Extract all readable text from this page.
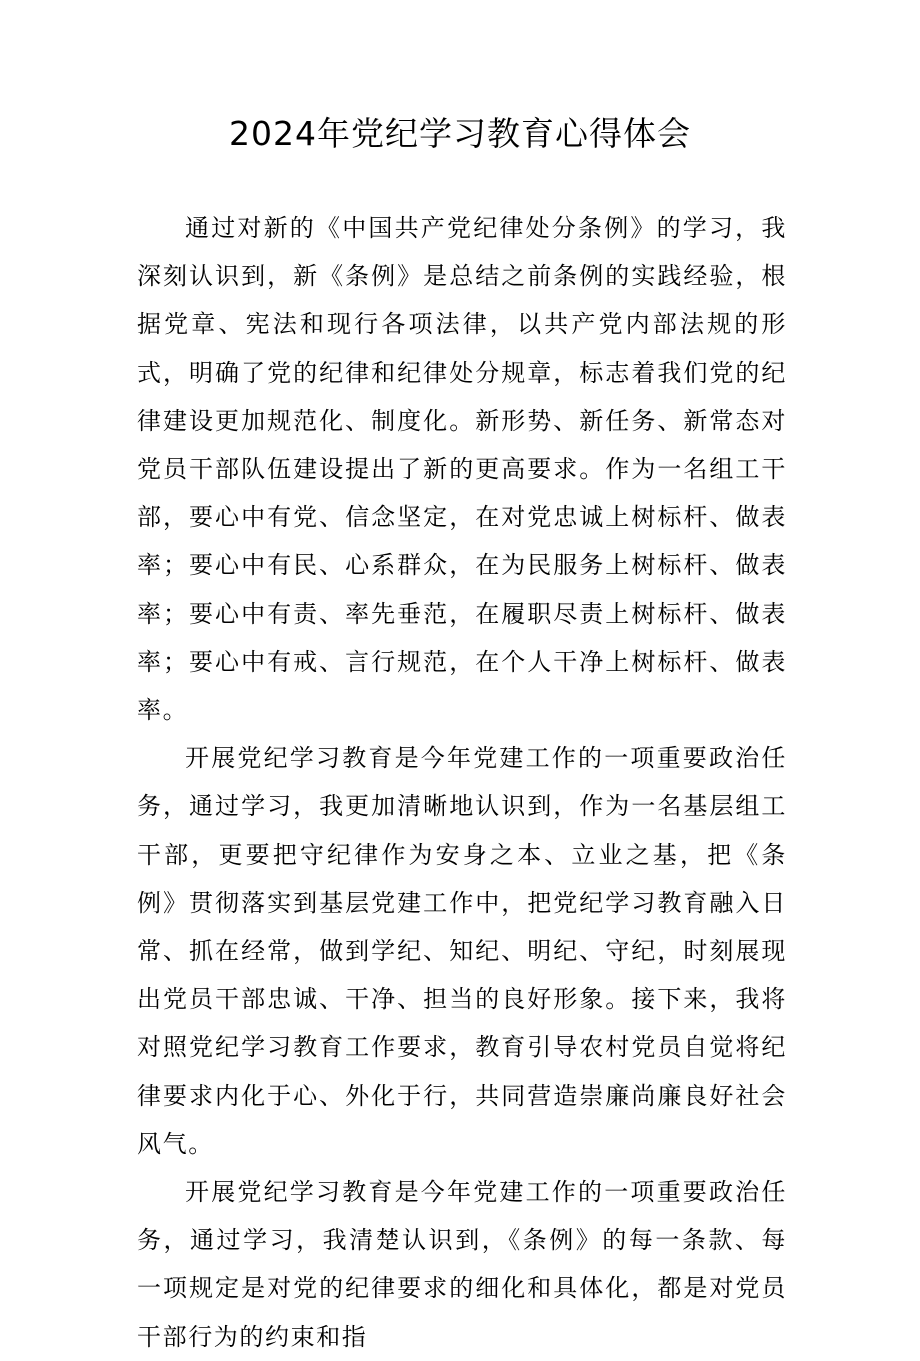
2024年党纪学习教育心得体会

通过对新的《中国共产党纪律处分条例》的学习，我深刻认识到，新《条例》是总结之前条例的实践经验，根据党章、宪法和现行各项法律，以共产党内部法规的形式，明确了党的纪律和纪律处分规章，标志着我们党的纪律建设更加规范化、制度化。新形势、新任务、新常态对党员干部队伍建设提出了新的更高要求。作为一名组工干部，要心中有党、信念坚定，在对党忠诚上树标杆、做表率；要心中有民、心系群众，在为民服务上树标杆、做表率；要心中有责、率先垂范，在履职尽责上树标杆、做表率；要心中有戒、言行规范，在个人干净上树标杆、做表率。

开展党纪学习教育是今年党建工作的一项重要政治任务，通过学习，我更加清晰地认识到，作为一名基层组工干部，更要把守纪律作为安身之本、立业之基，把《条例》贯彻落实到基层党建工作中，把党纪学习教育融入日常、抓在经常，做到学纪、知纪、明纪、守纪，时刻展现出党员干部忠诚、干净、担当的良好形象。接下来，我将对照党纪学习教育工作要求，教育引导农村党员自觉将纪律要求内化于心、外化于行，共同营造崇廉尚廉良好社会风气。

开展党纪学习教育是今年党建工作的一项重要政治任务，通过学习，我清楚认识到，《条例》的每一条款、每一项规定是对党的纪律要求的细化和具体化，都是对党员干部行为的约束和指
